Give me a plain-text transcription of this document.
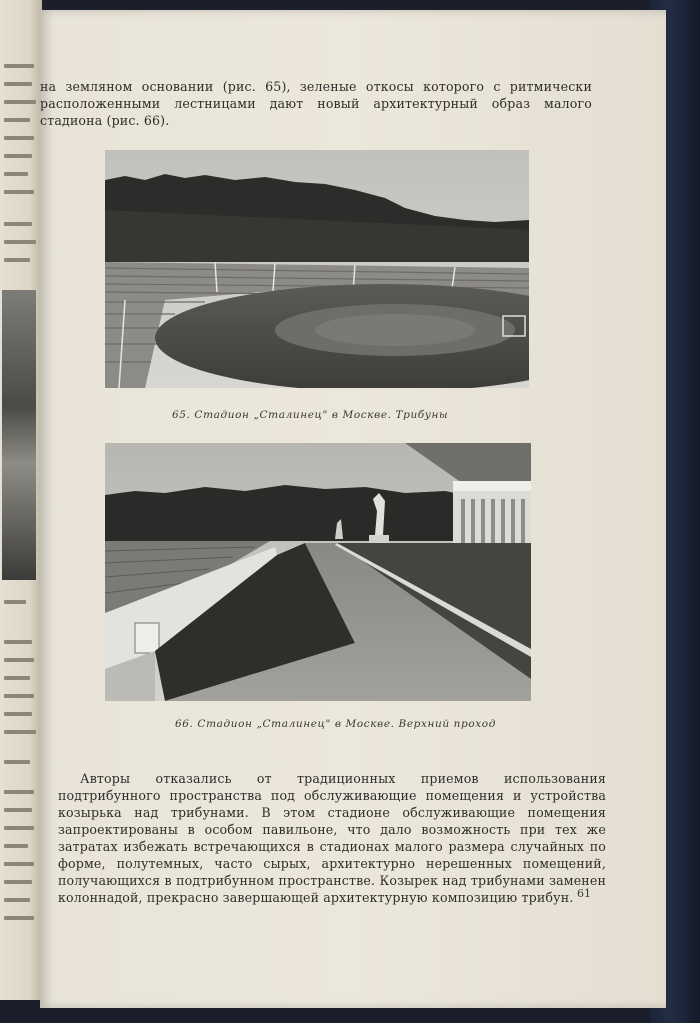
на земляном основании (рис. 65), зеленые откосы которого с ритмически расположенными лестницами дают новый архитектурный образ малого стадиона (рис. 66).

65. Стадион „Сталинец" в Москве. Трибуны
66. Стадион „Сталинец" в Москве. Верхний проход

Авторы отказались от традиционных приемов использования подтрибунного пространства под обслуживающие помещения и устройства козырька над трибунами. В этом стадионе обслуживающие помещения запроектированы в особом павильоне, что дало возможность при тех же затратах избежать встречающихся в стадионах малого размера случайных по форме, полутемных, часто сырых, архитектурно нерешенных помещений, получающихся в подтрибунном пространстве. Козырек над трибунами заменен колоннадой, прекрасно завершающей архитектурную композицию трибун. 61
